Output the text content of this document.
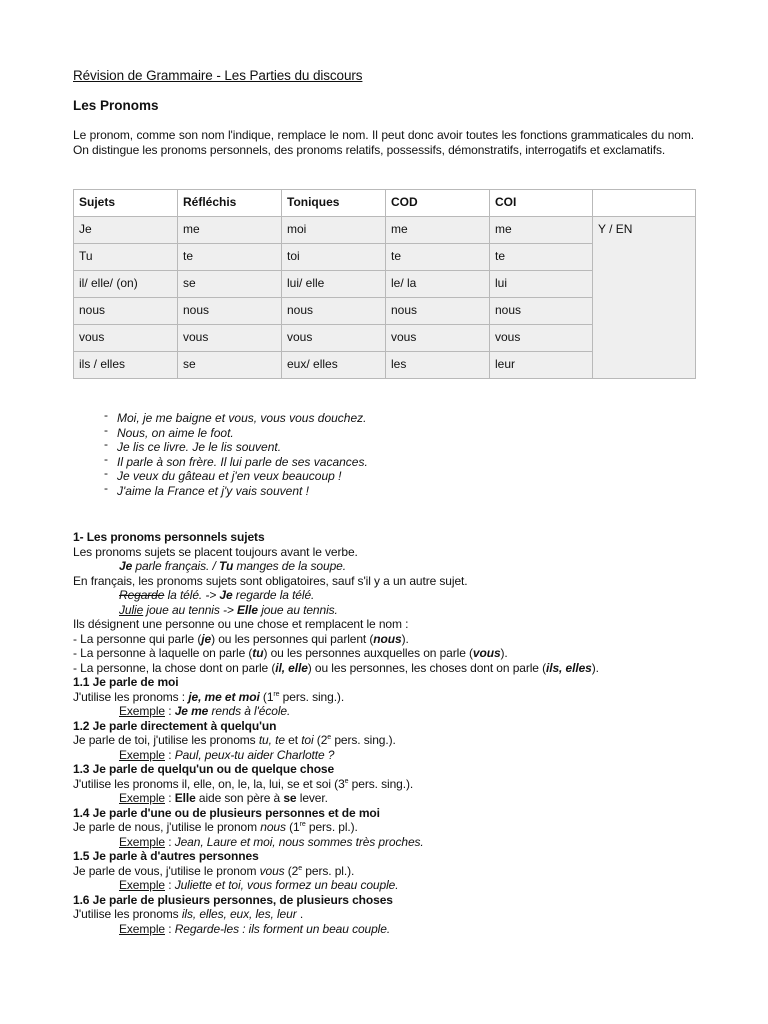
Révision de Grammaire - Les Parties du discours
Les Pronoms
Le pronom, comme son nom l'indique, remplace le nom. Il peut donc avoir toutes les fonctions grammaticales du nom. On distingue les pronoms personnels, des pronoms relatifs, possessifs, démonstratifs, interrogatifs et exclamatifs.
Sujets	Réfléchis	Toniques	COD	COI	
Je	me	moi	me	me	Y / EN
Tu	te	toi	te	te	
il/ elle/ (on)	se	lui/ elle	le/ la	lui	
nous	nous	nous	nous	nous	
vous	vous	vous	vous	vous	
ils / elles	se	eux/ elles	les	leur	
- Moi, je me baigne et vous, vous vous douchez.
- Nous, on aime le foot.
- Je lis ce livre. Je le lis souvent.
- Il parle à son frère. Il lui parle de ses vacances.
- Je veux du gâteau et j'en veux beaucoup !
- J'aime la France et j'y vais souvent !

1- Les pronoms personnels sujets

Les pronoms sujets se placent toujours avant le verbe.

Je parle français. / Tu manges de la soupe.

En français, les pronoms sujets sont obligatoires, sauf s'il y a un autre sujet.

Regarde la télé. -> Je regarde la télé.

Julie joue au tennis -> Elle joue au tennis.

Ils désignent une personne ou une chose et remplacent le nom :

- La personne qui parle (je) ou les personnes qui parlent (nous).

- La personne à laquelle on parle (tu) ou les personnes auxquelles on parle (vous).

- La personne, la chose dont on parle (il, elle) ou les personnes, les choses dont on parle (ils, elles).

1.1 Je parle de moi

J'utilise les pronoms : je, me et moi (1re pers. sing.).

Exemple : Je me rends à l'école.

1.2 Je parle directement à quelqu'un

Je parle de toi, j'utilise les pronoms tu, te et toi (2e pers. sing.).

Exemple : Paul, peux-tu aider Charlotte ?

1.3 Je parle de quelqu'un ou de quelque chose

J'utilise les pronoms il, elle, on, le, la, lui, se et soi (3e pers. sing.).

Exemple : Elle aide son père à se lever.

1.4 Je parle d'une ou de plusieurs personnes et de moi

Je parle de nous, j'utilise le pronom nous (1re pers. pl.).

Exemple : Jean, Laure et moi, nous sommes très proches.

1.5 Je parle à d'autres personnes

Je parle de vous, j'utilise le pronom vous (2e pers. pl.).

Exemple : Juliette et toi, vous formez un beau couple.

1.6 Je parle de plusieurs personnes, de plusieurs choses

J'utilise les pronoms ils, elles, eux, les, leur .

Exemple : Regarde-les : ils forment un beau couple.
